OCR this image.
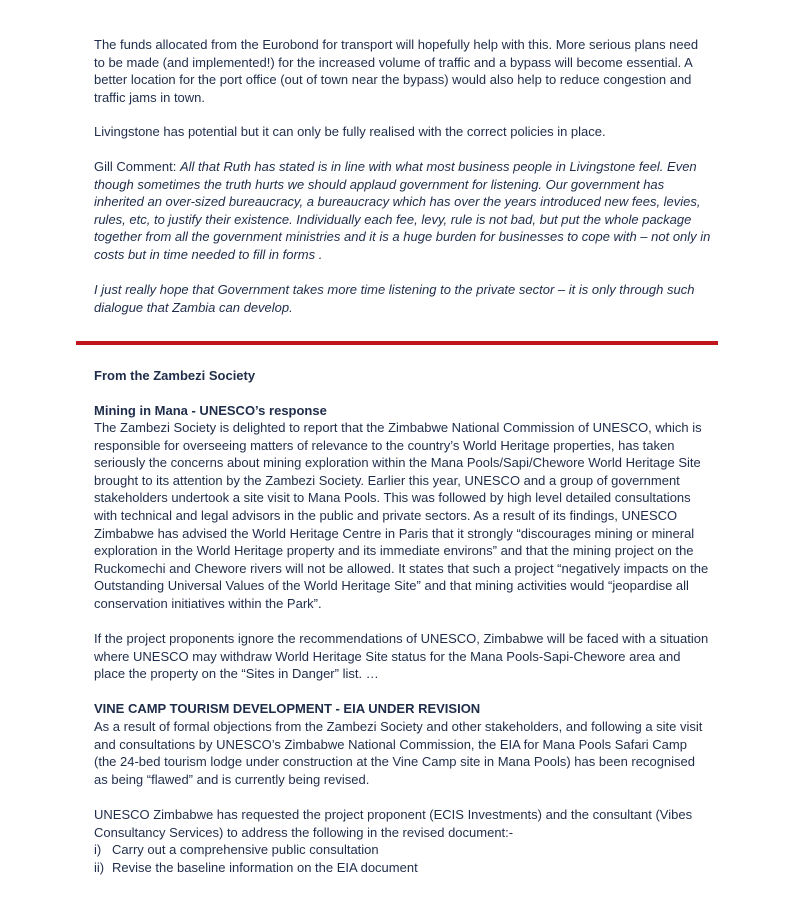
The funds allocated from the Eurobond for transport will hopefully help with this. More serious plans need to be made (and implemented!) for the increased volume of traffic and a bypass will become essential. A better location for the port office (out of town near the bypass) would also help to reduce congestion and traffic jams in town.

Livingstone has potential but it can only be fully realised with the correct policies in place.

Gill Comment: All that Ruth has stated is in line with what most business people in Livingstone feel. Even though sometimes the truth hurts we should applaud government for listening. Our government has inherited an over-sized bureaucracy, a bureaucracy which has over the years introduced new fees, levies, rules, etc, to justify their existence. Individually each fee, levy, rule is not bad, but put the whole package together from all the government ministries and it is a huge burden for businesses to cope with – not only in costs but in time needed to fill in forms .

I just really hope that Government takes more time listening to the private sector – it is only through such dialogue that Zambia can develop.

From the Zambezi Society

Mining in Mana - UNESCO’s response

The Zambezi Society is delighted to report that the Zimbabwe National Commission of UNESCO, which is responsible for overseeing matters of relevance to the country’s World Heritage properties, has taken seriously the concerns about mining exploration within the Mana Pools/Sapi/Chewore World Heritage Site brought to its attention by the Zambezi Society. Earlier this year, UNESCO and a group of government stakeholders undertook a site visit to Mana Pools. This was followed by high level detailed consultations with technical and legal advisors in the public and private sectors. As a result of its findings, UNESCO Zimbabwe has advised the World Heritage Centre in Paris that it strongly “discourages mining or mineral exploration in the World Heritage property and its immediate environs” and that the mining project on the Ruckomechi and Chewore rivers will not be allowed. It states that such a project “negatively impacts on the Outstanding Universal Values of the World Heritage Site” and that mining activities would “jeopardise all conservation initiatives within the Park”.

If the project proponents ignore the recommendations of UNESCO, Zimbabwe will be faced with a situation where UNESCO may withdraw World Heritage Site status for the Mana Pools-Sapi-Chewore area and place the property on the “Sites in Danger” list. …

VINE CAMP TOURISM DEVELOPMENT - EIA UNDER REVISION

As a result of formal objections from the Zambezi Society and other stakeholders, and following a site visit and consultations by UNESCO’s Zimbabwe National Commission, the EIA for Mana Pools Safari Camp (the 24-bed tourism lodge under construction at the Vine Camp site in Mana Pools) has been recognised as being “flawed” and is currently being revised.

UNESCO Zimbabwe has requested the project proponent (ECIS Investments) and the consultant (Vibes Consultancy Services) to address the following in the revised document:-

i) Carry out a comprehensive public consultation
ii) Revise the baseline information on the EIA document
